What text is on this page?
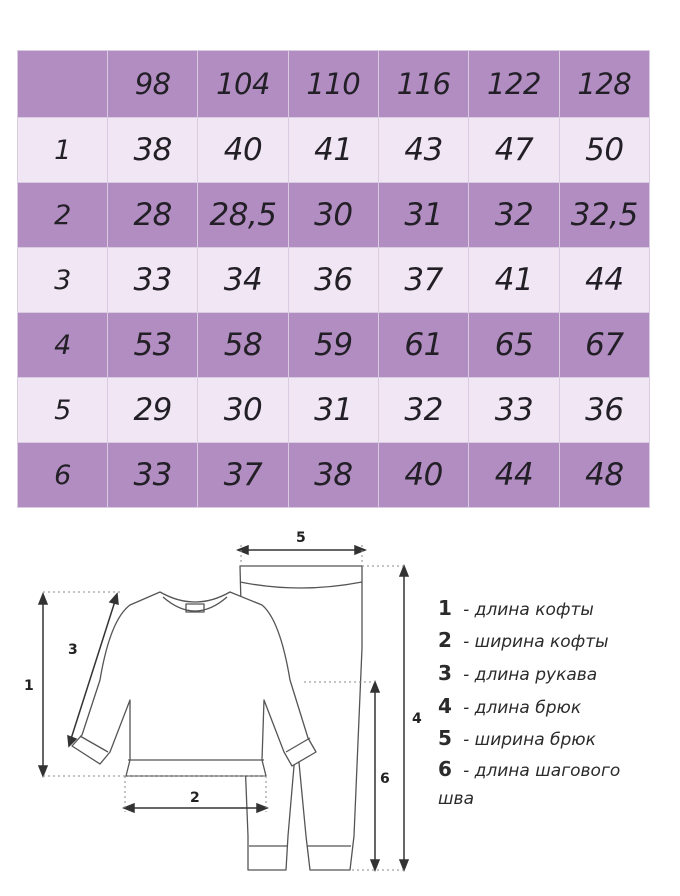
	98	104	110	116	122	128
1	38	40	41	43	47	50
2	28	28,5	30	31	32	32,5
3	33	34	36	37	41	44
4	53	58	59	61	65	67
5	29	30	31	32	33	36
6	33	37	38	40	44	48
1
3
2
5
4
6
1 - длина кофты
2 - ширина кофты
3 - длина рукава
4 - длина брюк
5 - ширина брюк
6 - длина шагового шва
